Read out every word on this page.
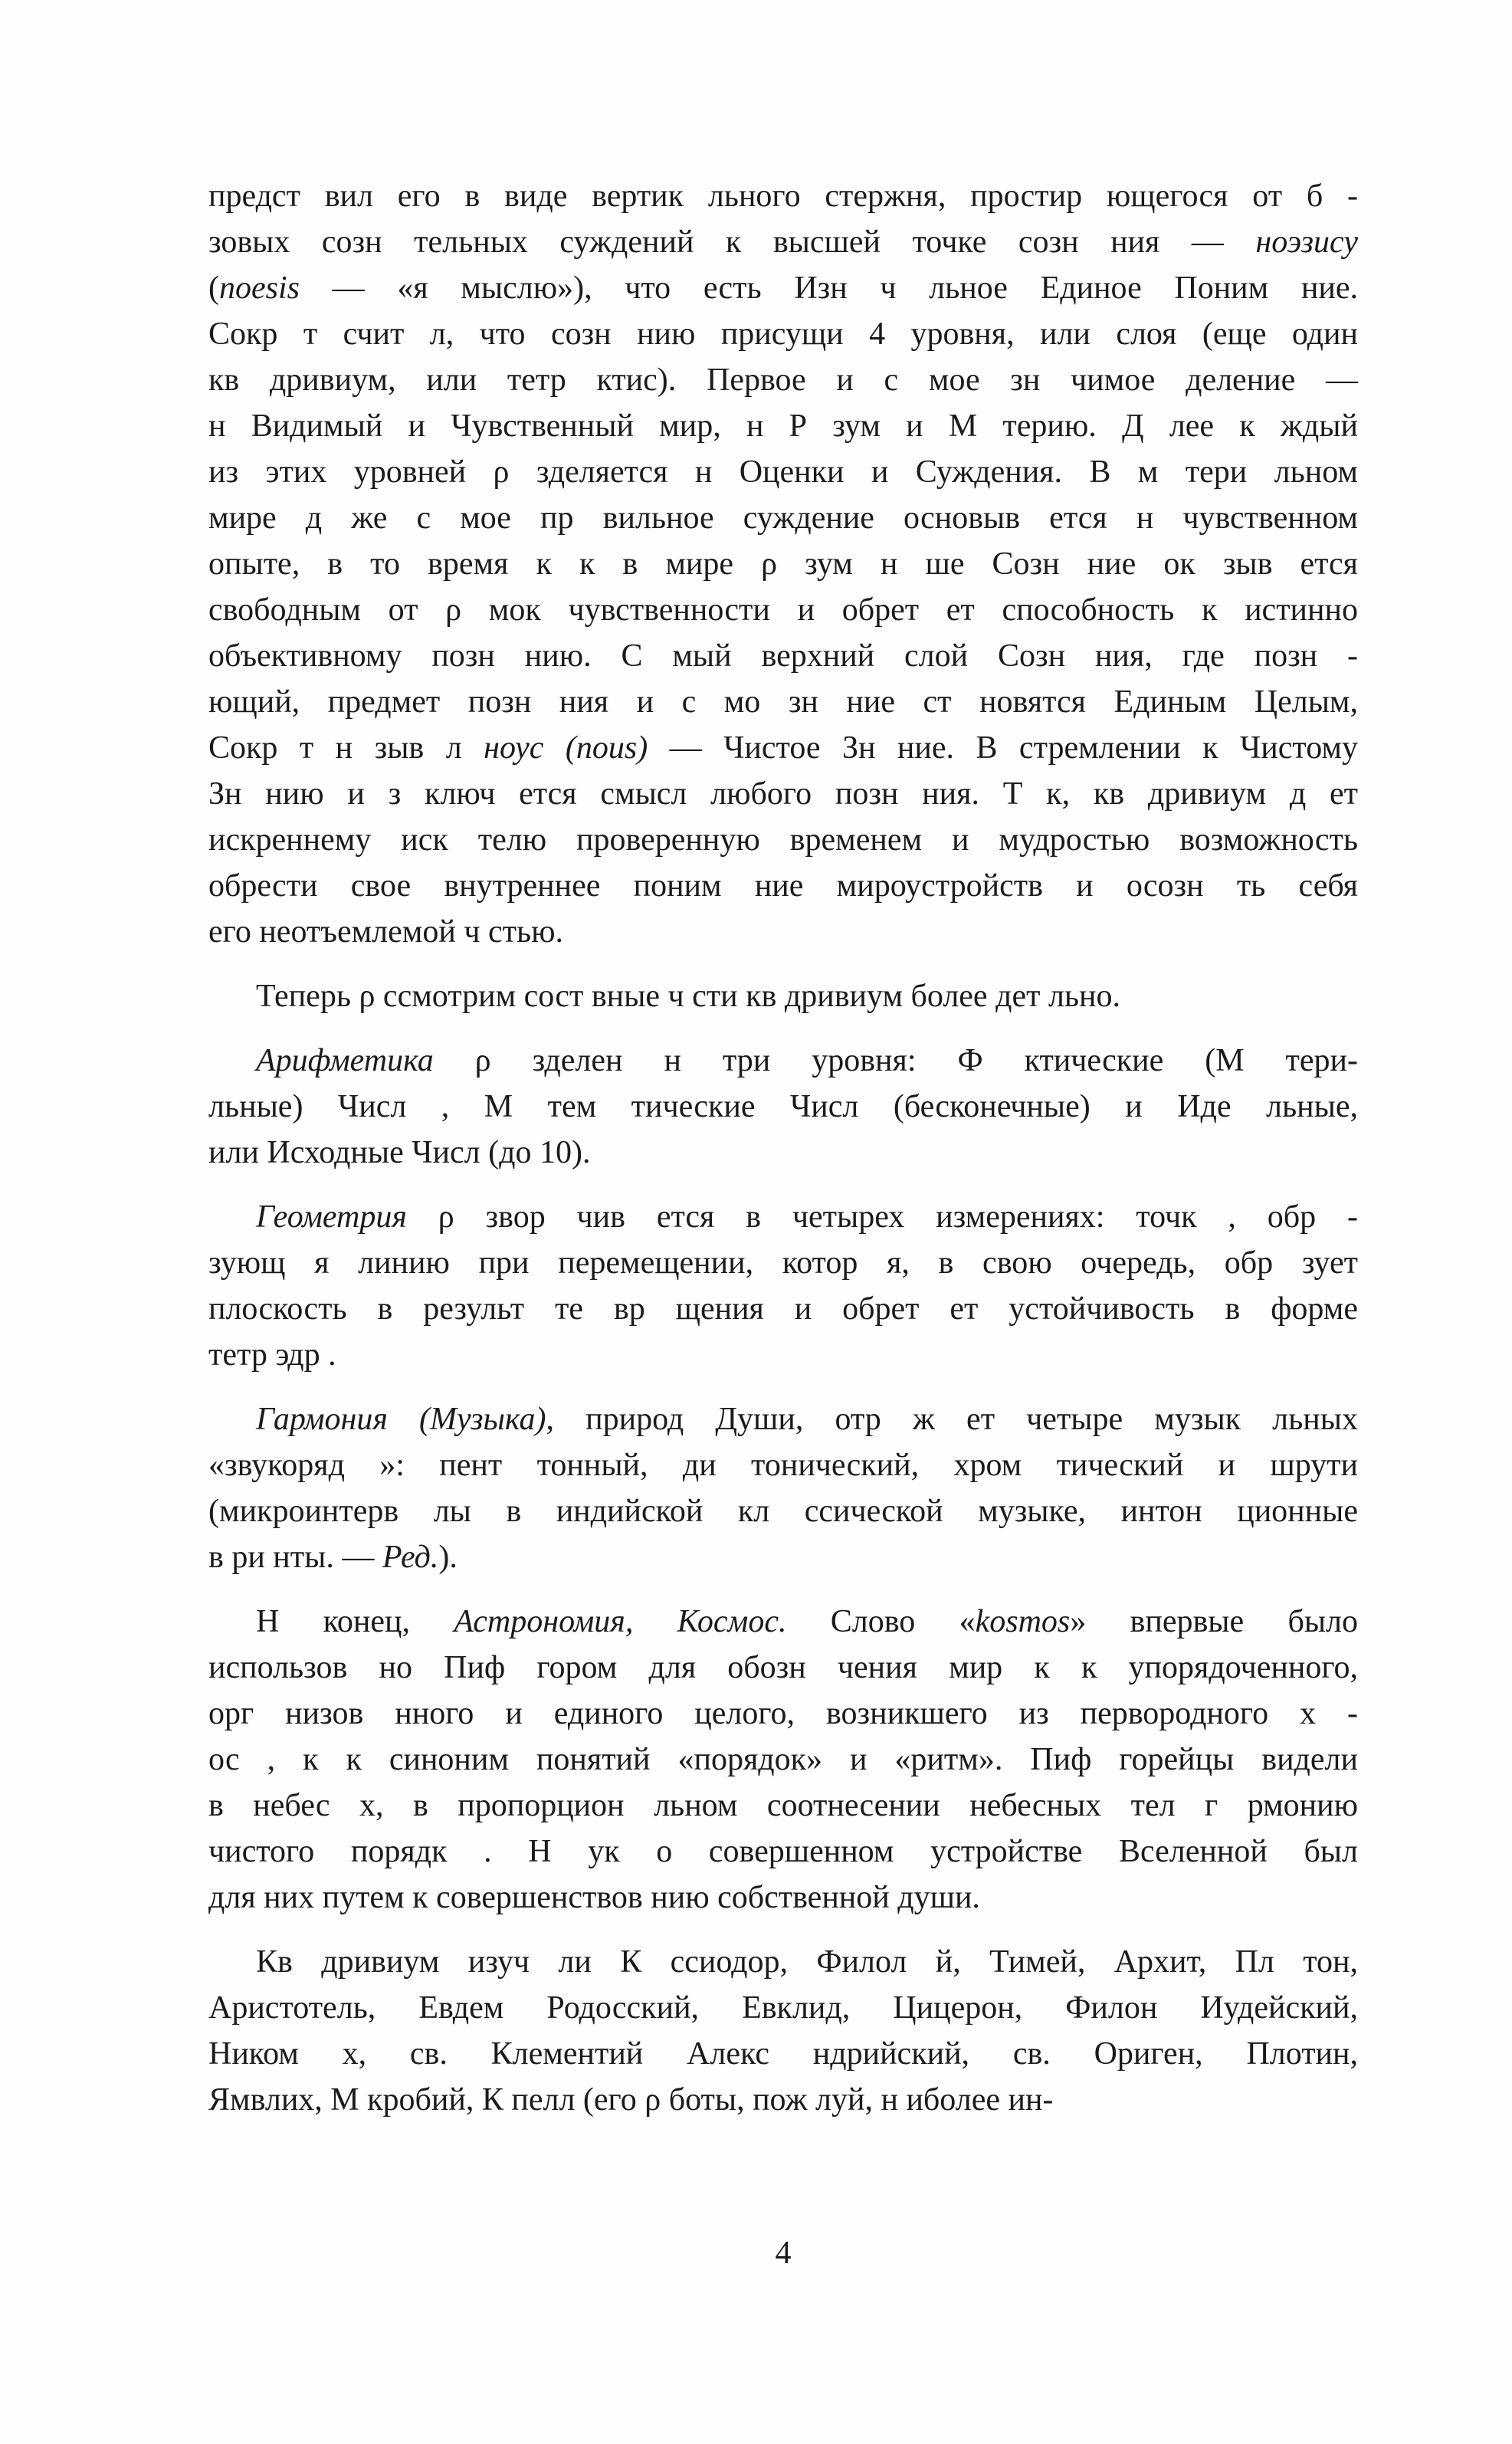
предст вил его в виде вертик льного стержня, простир ющегося от б -
зовых созн тельных суждений к высшей точке созн ния — ноэзису
(noesis — «я мыслю»), что есть Изн ч льное Единое Поним ние.
Сокр т счит л, что созн нию присущи 4 уровня, или слоя (еще один
кв дривиум, или тетр ктис). Первое и с мое зн чимое деление —
н Видимый и Чувственный мир, н Р зум и М терию. Д лее к ждый
из этих уровней ρ зделяется н Оценки и Суждения. В м тери льном
мире д же с мое пр вильное суждение основыв ется н чувственном
опыте, в то время к к в мире ρ зум н ше Созн ние ок зыв ется
свободным от ρ мок чувственности и обрет ет способность к истинно
объективному позн нию. С мый верхний слой Созн ния, где позн -
ющий, предмет позн ния и с мо зн ние ст новятся Единым Целым,
Сокр т н зыв л ноус (nous) — Чистое Зн ние. В стремлении к Чистому
Зн нию и з ключ ется смысл любого позн ния. Т к, кв дривиум д ет
искреннему иск телю проверенную временем и мудростью возможность
обрести свое внутреннее поним ние мироустройств и осозн ть себя
его неотъемлемой ч стью.
Теперь ρ ссмотрим сост вные ч сти кв дривиум более дет льно.
Арифметика ρ зделен н три уровня: Ф ктические (М тери-
льные) Числ , М тем тические Числ (бесконечные) и Иде льные,
или Исходные Числ (до 10).
Геометрия ρ звор чив ется в четырех измерениях: точк , обр -
зующ я линию при перемещении, котор я, в свою очередь, обр зует
плоскость в результ те вр щения и обрет ет устойчивость в форме
тетр эдр .
Гармония (Музыка), природ Души, отр ж ет четыре музык льных
«звукоряд »: пент тонный, ди тонический, хром тический и шрути
(микроинтерв лы в индийской кл ссической музыке, интон ционные
в ри нты. — Ред.).
Н конец, Астрономия, Космос. Слово «kosmos» впервые было
использов но Пиф гором для обозн чения мир к к упорядоченного,
орг низов нного и единого целого, возникшего из первородного х -
ос , к к синоним понятий «порядок» и «ритм». Пиф горейцы видели
в небес х, в пропорцион льном соотнесении небесных тел г рмонию
чистого порядк . Н ук о совершенном устройстве Вселенной был
для них путем к совершенствов нию собственной души.
Кв дривиум изуч ли К ссиодор, Филол й, Тимей, Архит, Пл тон,
Аристотель, Евдем Родосский, Евклид, Цицерон, Филон Иудейский,
Ником х, св. Клементий Алекс ндрийский, св. Ориген, Плотин,
Ямвлих, М кробий, К пелл (его ρ боты, пож луй, н иболее ин-
4
